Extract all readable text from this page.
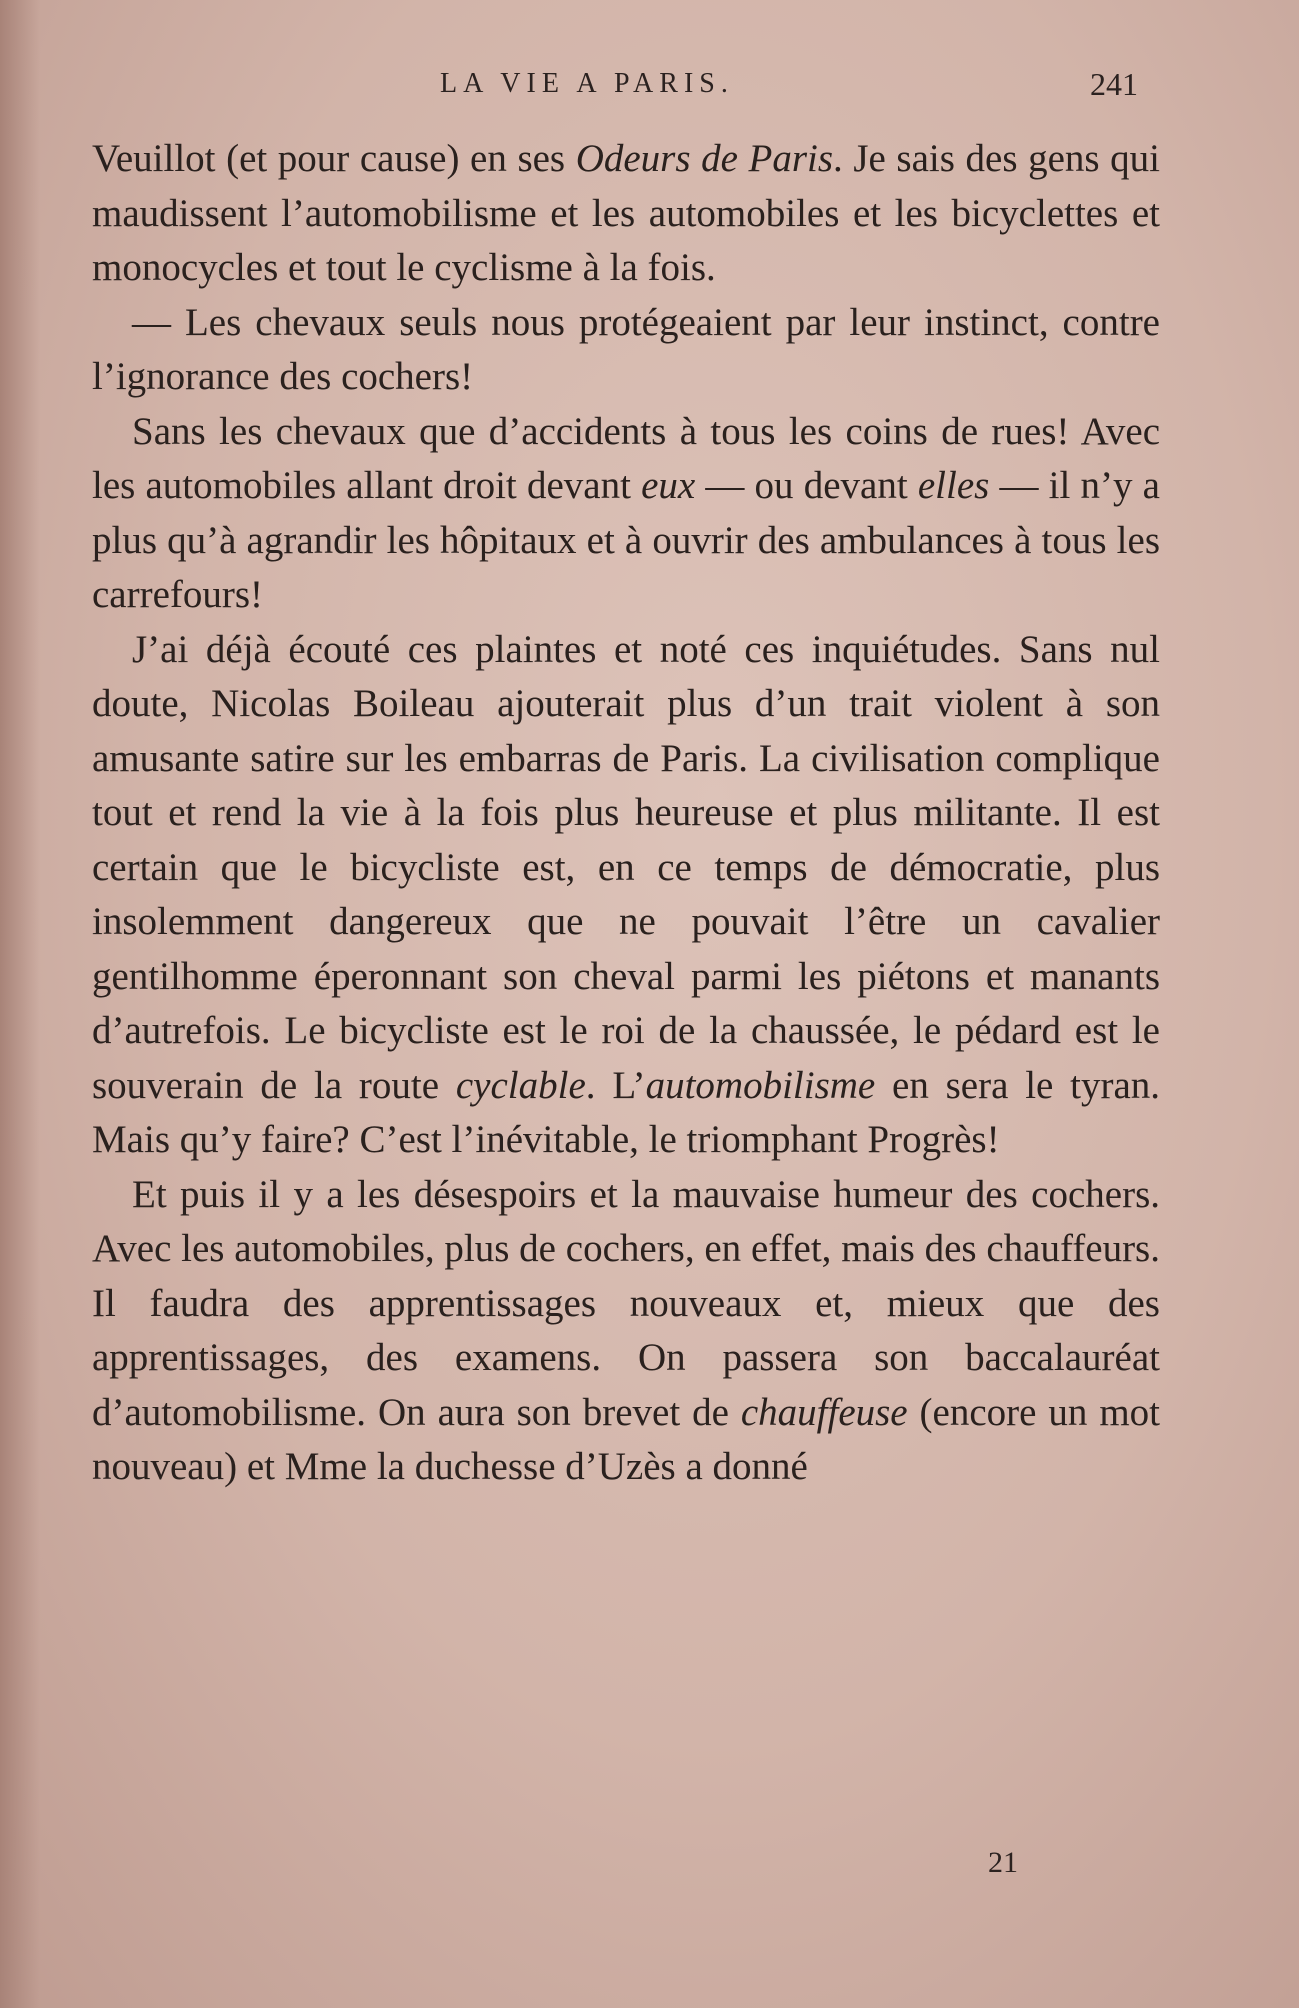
LA VIE A PARIS.	241

Veuillot (et pour cause) en ses Odeurs de Paris. Je sais des gens qui maudissent l’automobilisme et les automobiles et les bicyclettes et monocycles et tout le cyclisme à la fois.

— Les chevaux seuls nous protégeaient par leur instinct, contre l’ignorance des cochers!

Sans les chevaux que d’accidents à tous les coins de rues! Avec les automobiles allant droit devant eux — ou devant elles — il n’y a plus qu’à agrandir les hôpitaux et à ouvrir des ambulances à tous les carrefours!

J’ai déjà écouté ces plaintes et noté ces inquiétudes. Sans nul doute, Nicolas Boileau ajouterait plus d’un trait violent à son amusante satire sur les embarras de Paris. La civilisation complique tout et rend la vie à la fois plus heureuse et plus militante. Il est certain que le bicycliste est, en ce temps de démocratie, plus insolemment dangereux que ne pouvait l’être un cavalier gentilhomme éperonnant son cheval parmi les piétons et manants d’autrefois. Le bicycliste est le roi de la chaussée, le pédard est le souverain de la route cyclable. L’automobilisme en sera le tyran. Mais qu’y faire? C’est l’inévitable, le triomphant Progrès!

Et puis il y a les désespoirs et la mauvaise humeur des cochers. Avec les automobiles, plus de cochers, en effet, mais des chauffeurs. Il faudra des apprentissages nouveaux et, mieux que des apprentissages, des examens. On passera son baccalauréat d’automobilisme. On aura son brevet de chauffeuse (encore un mot nouveau) et Mme la duchesse d’Uzès a donné

21
